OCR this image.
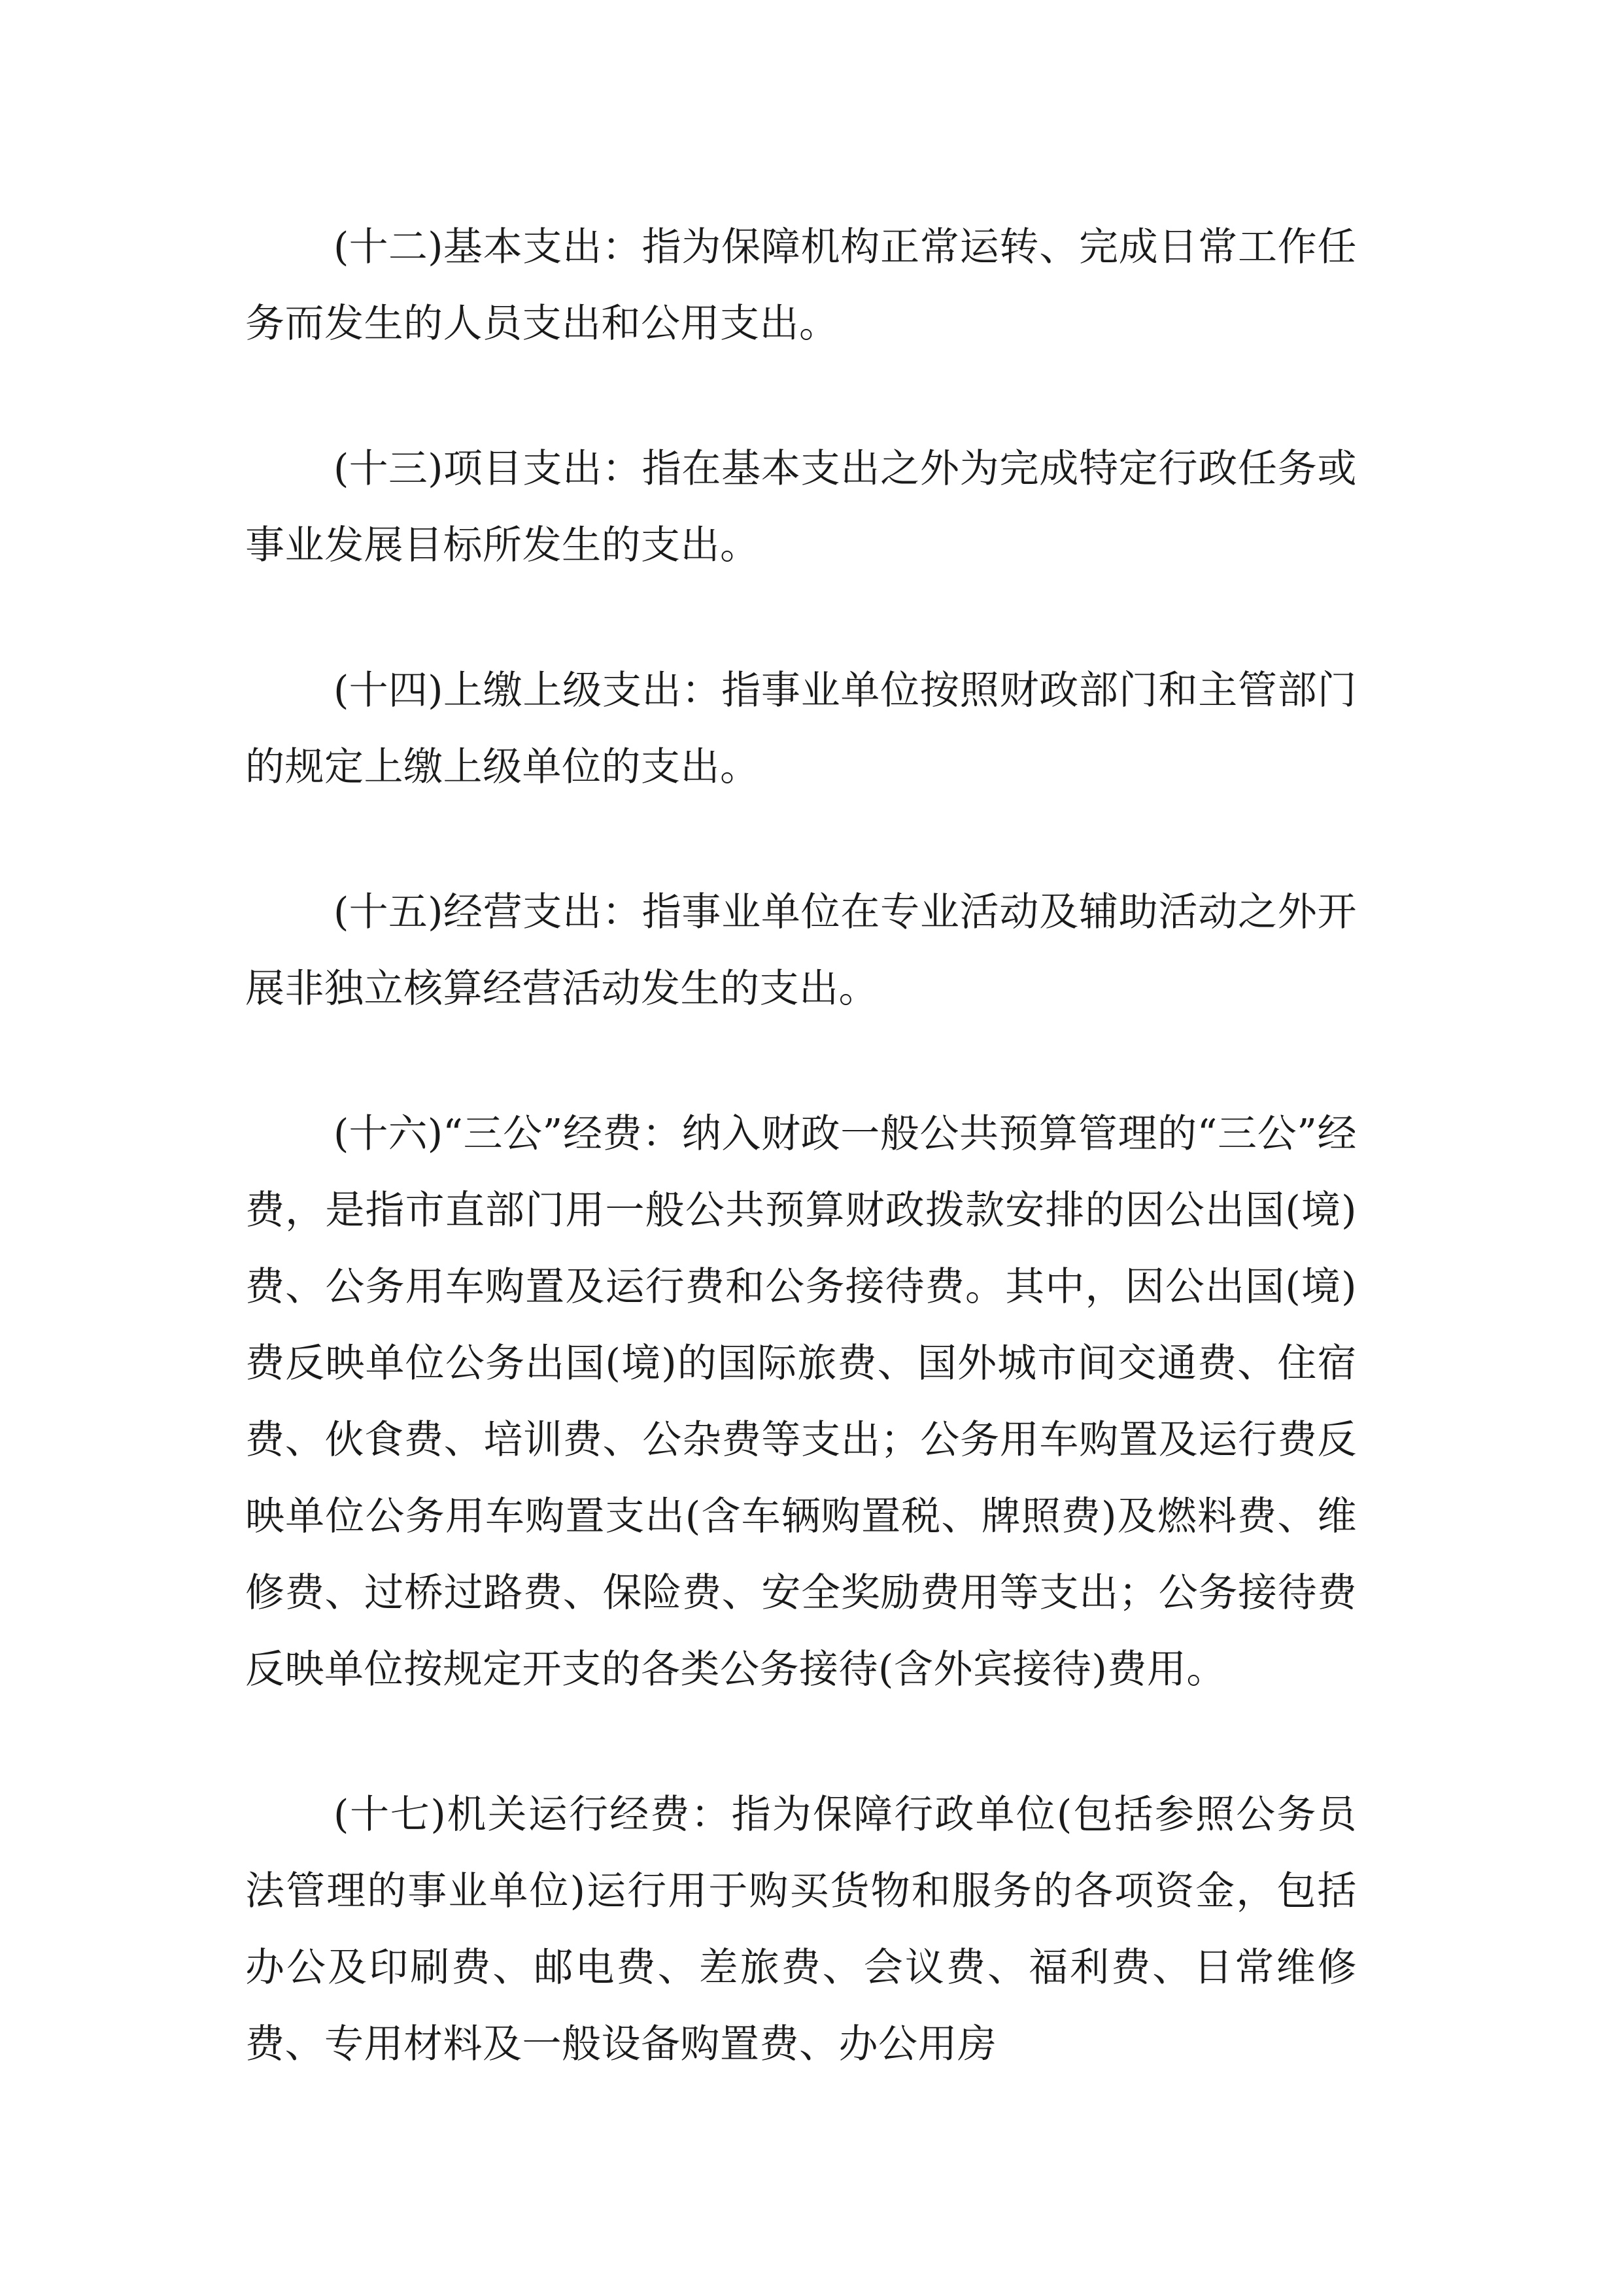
(十二)基本支出：指为保障机构正常运转、完成日常工作任务而发生的人员支出和公用支出。

(十三)项目支出：指在基本支出之外为完成特定行政任务或事业发展目标所发生的支出。

(十四)上缴上级支出：指事业单位按照财政部门和主管部门的规定上缴上级单位的支出。

(十五)经营支出：指事业单位在专业活动及辅助活动之外开展非独立核算经营活动发生的支出。

(十六)“三公”经费：纳入财政一般公共预算管理的“三公”经费，是指市直部门用一般公共预算财政拨款安排的因公出国(境)费、公务用车购置及运行费和公务接待费。其中，因公出国(境)费反映单位公务出国(境)的国际旅费、国外城市间交通费、住宿费、伙食费、培训费、公杂费等支出；公务用车购置及运行费反映单位公务用车购置支出(含车辆购置税、牌照费)及燃料费、维修费、过桥过路费、保险费、安全奖励费用等支出；公务接待费反映单位按规定开支的各类公务接待(含外宾接待)费用。

(十七)机关运行经费：指为保障行政单位(包括参照公务员法管理的事业单位)运行用于购买货物和服务的各项资金，包括办公及印刷费、邮电费、差旅费、会议费、福利费、日常维修费、专用材料及一般设备购置费、办公用房
